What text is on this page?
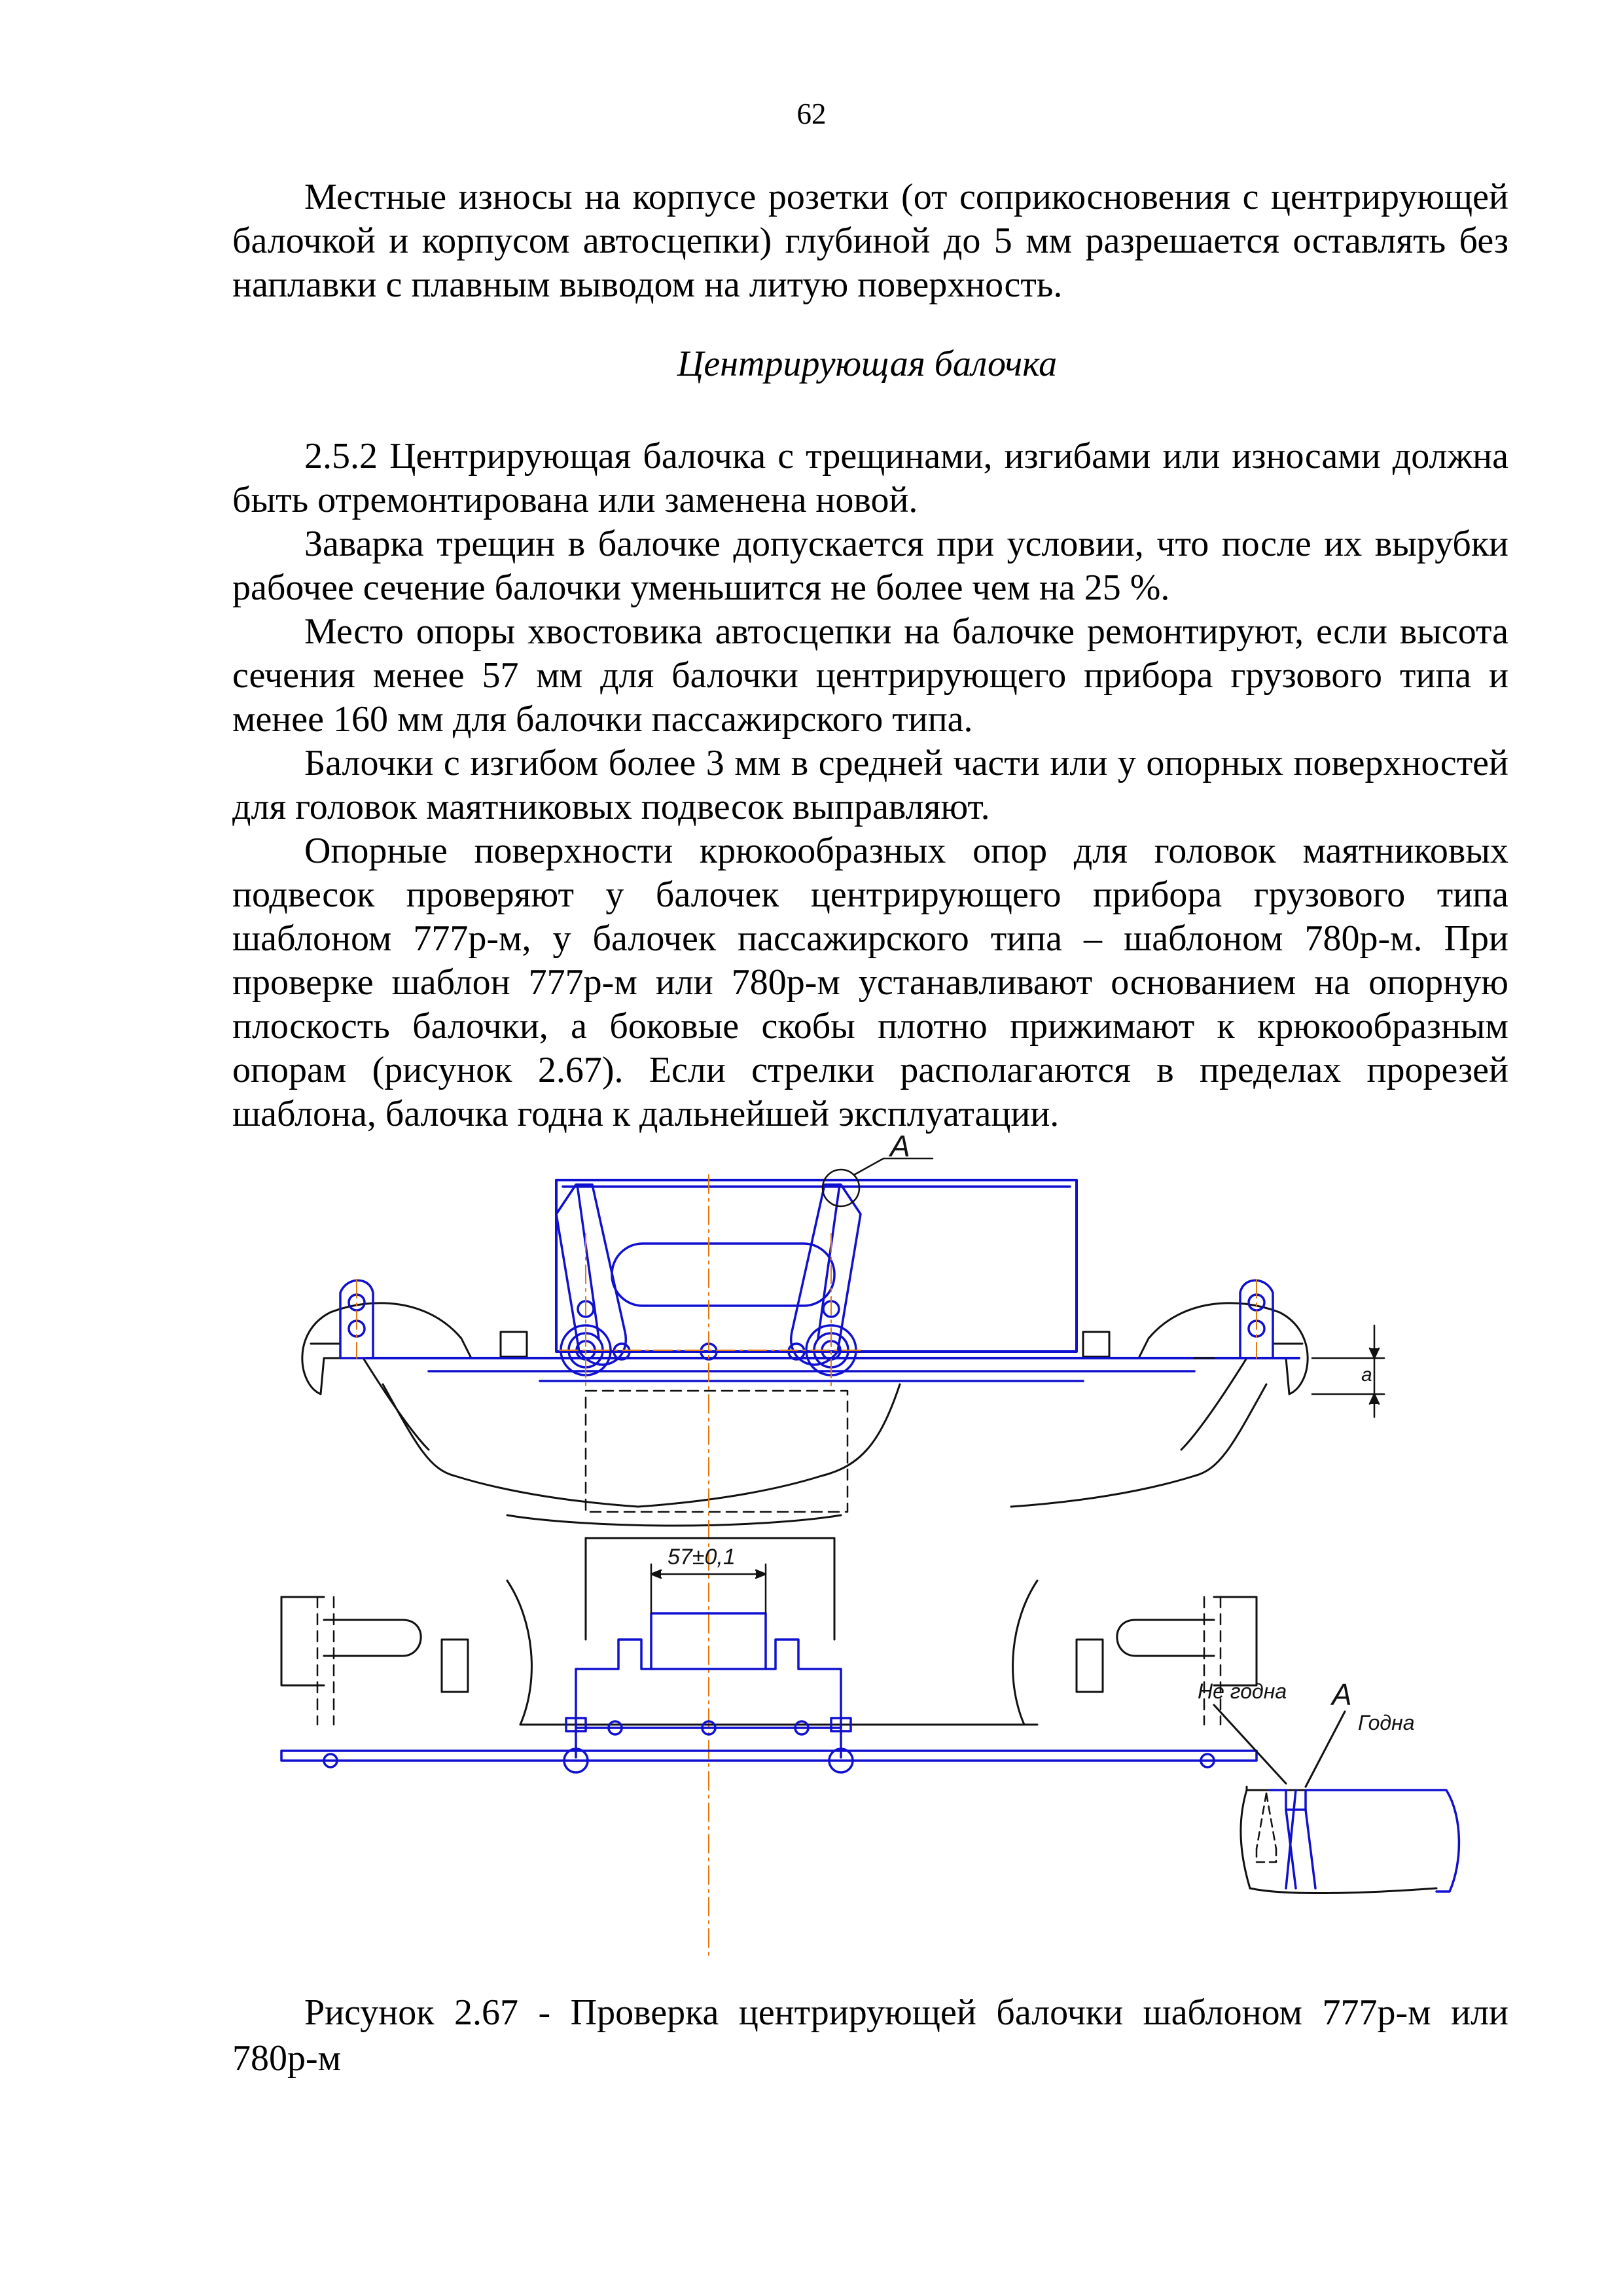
62

Местные износы на корпусе розетки (от соприкосновения с центрирующей балочкой и корпусом автосцепки) глубиной до 5 мм разрешается оставлять без наплавки с плавным выводом на литую поверхность.

Центрирующая балочка

2.5.2 Центрирующая балочка с трещинами, изгибами или износами должна быть отремонтирована или заменена новой.

Заварка трещин в балочке допускается при условии, что после их вырубки рабочее сечение балочки уменьшится не более чем на 25 %.

Место опоры хвостовика автосцепки на балочке ремонтируют, если высота сечения менее 57 мм для балочки центрирующего прибора грузового типа и менее 160 мм для балочки пассажирского типа.

Балочки с изгибом более 3 мм в средней части или у опорных поверхностей для головок маятниковых подвесок выправляют.

Опорные поверхности крюкообразных опор для головок маятниковых подвесок проверяют у балочек центрирующего прибора грузового типа шаблоном 777р-м, у балочек пассажирского типа – шаблоном 780р-м. При проверке шаблон 777р-м или 780р-м устанавливают основанием на опорную плоскость балочки, а боковые скобы плотно прижимают к крюкообразным опорам (рисунок 2.67). Если стрелки располагаются в пределах прорезей шаблона, балочка годна к дальнейшей эксплуатации.

А
a
57±0,1
А
Не годна
Годна

Рисунок 2.67 - Проверка центрирующей балочки шаблоном 777р-м или 780р-м
